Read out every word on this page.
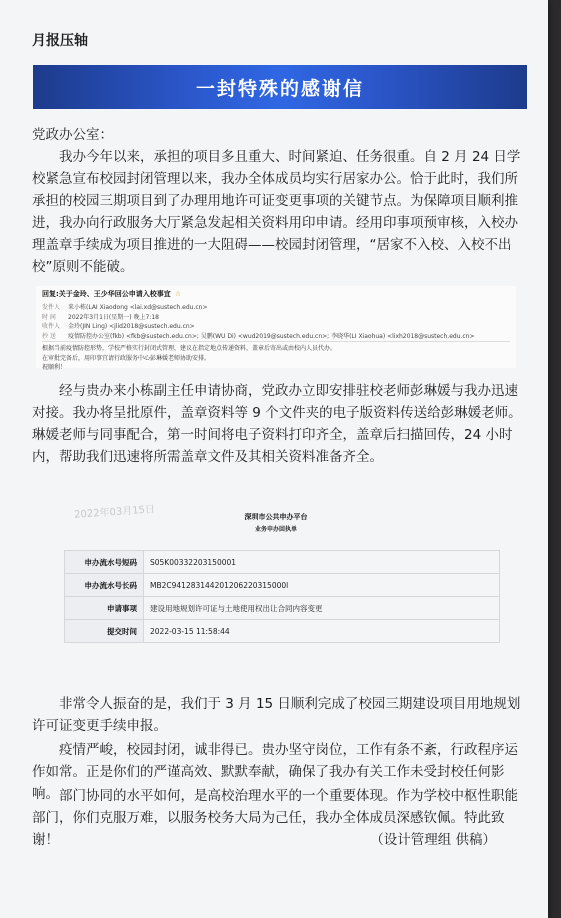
月报压轴
一封特殊的感谢信
党政办公室：
我办今年以来，承担的项目多且重大、时间紧迫、任务很重。自 2 月 24 日学校紧急宣布校园封闭管理以来，我办全体成员均实行居家办公。恰于此时，我们所承担的校园三期项目到了办理用地许可证变更事项的关键节点。为保障项目顺利推进，我办向行政服务大厅紧急发起相关资料用印申请。经用印事项预审核，入校办理盖章手续成为项目推进的一大阻碍——校园封闭管理，“居家不入校、入校不出校”原则不能破。
回复:关于金玲、王少华回公申请入校事宜 ☆
发件人 来小栋(LAI Xiaodong <lai.xd@sustech.edu.cn>
时 间 2022年3月1日(星期一) 晚上7:18
收件人 金玲(JIN Ling) <jlid2018@sustech.edu.cn>
抄 送 疫情防控办公室(fkb) <fkb@sustech.edu.cn>; 吴鹏(WU Di) <wud2019@sustech.edu.cn>; 李晓华(LI Xiaohua) <lixh2018@sustech.edu.cn>
根据当前疫情防控形势，学校严格实行封闭式管理，建议在指定地点传递资料，盖章后寄出或由校内人员代办。
在审批完备后，用印事宜请行政服务中心彭琳媛老师协助安排。
祝顺利！
经与贵办来小栋副主任申请协商，党政办立即安排驻校老师彭琳媛与我办迅速对接。我办将呈批原件，盖章资料等 9 个文件夹的电子版资料传送给彭琳媛老师。琳媛老师与同事配合，第一时间将电子资料打印齐全，盖章后扫描回传，24 小时内，帮助我们迅速将所需盖章文件及其相关资料准备齐全。
2022年03月15日	深圳市公共申办平台
业务申办回执单
申办流水号短码	S05K00332203150001
申办流水号长码	MB2C941283144201206220315000l
申请事项	建设用地规划许可证与土地使用权出让合同内容变更
提交时间	2022-03-15 11:58:44
非常令人振奋的是，我们于 3 月 15 日顺利完成了校园三期建设项目用地规划许可证变更手续申报。
疫情严峻，校园封闭，诚非得已。贵办坚守岗位，工作有条不紊，行政程序运作如常。正是你们的严谨高效、默默奉献，确保了我办有关工作未受封校任何影响。 部门协同的水平如何，是高校治理水平的一个重要体现。作为学校中枢性职能部门，你们克服万难，以服务校务大局为己任，我办全体成员深感钦佩。特此致谢！	（设计管理组 供稿）
